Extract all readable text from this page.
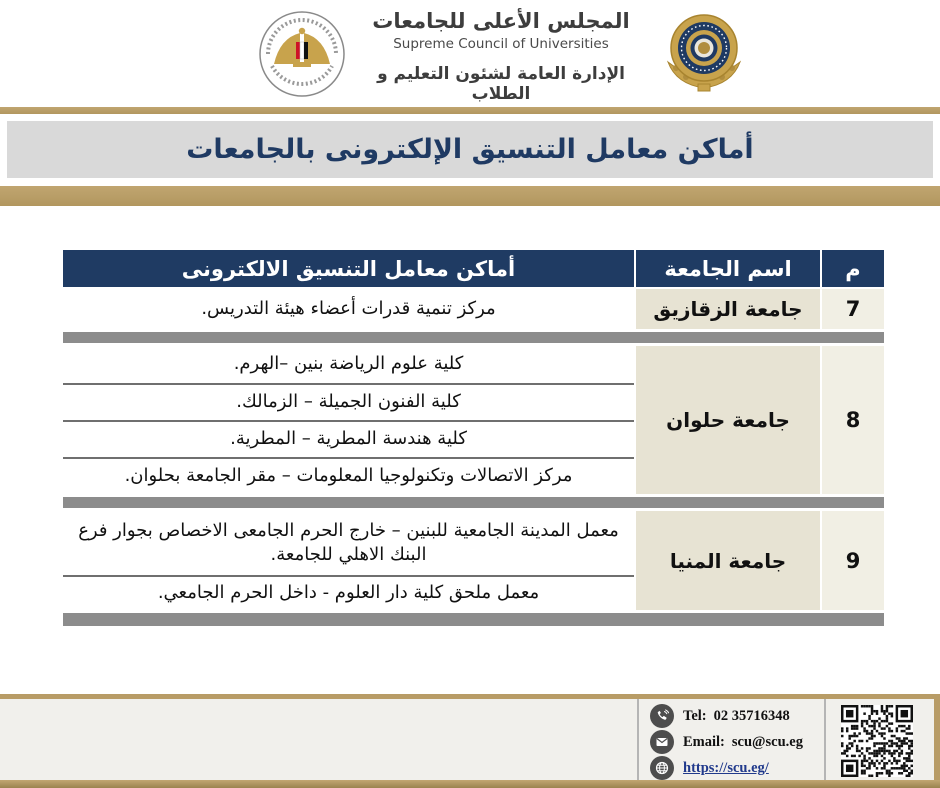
المجلس الأعلى للجامعات
Supreme Council of Universities
الإدارة العامة لشئون التعليم و الطلاب
أماكن معامل التنسيق الإلكترونى بالجامعات
م
اسم الجامعة
أماكن معامل التنسيق الالكترونى
7
جامعة الزقازيق
مركز تنمية قدرات أعضاء هيئة التدريس.
8
جامعة حلوان
كلية علوم الرياضة بنين –الهرم.
كلية الفنون الجميلة – الزمالك.
كلية هندسة المطرية – المطرية.
مركز الاتصالات وتكنولوجيا المعلومات – مقر الجامعة بحلوان.
9
جامعة المنيا
معمل المدينة الجامعية للبنين – خارج الحرم الجامعى الاخصاص بجوار فرع البنك الاهلي للجامعة.
معمل ملحق كلية دار العلوم - داخل الحرم الجامعي.
Tel: 02 35716348
Email: scu@scu.eg
https://scu.eg/
